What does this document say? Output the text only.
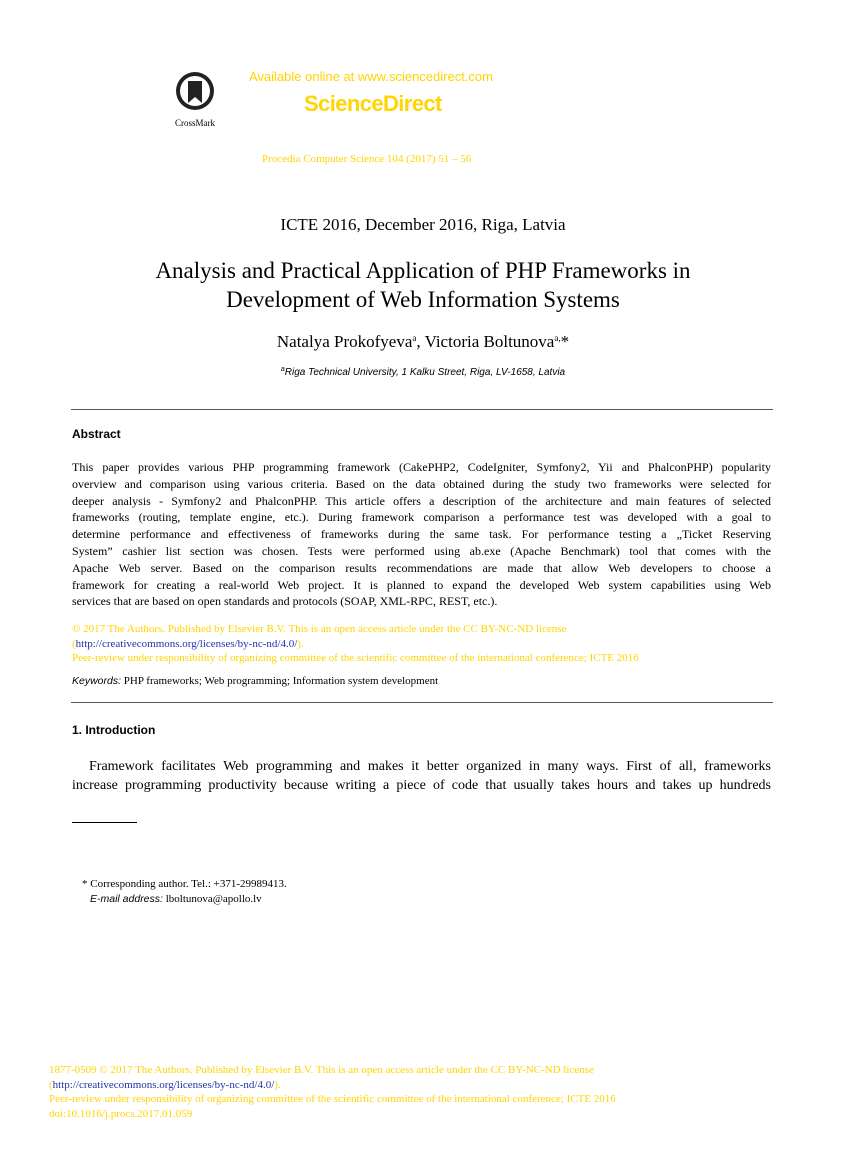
CrossMark
Available online at www.sciencedirect.com
ScienceDirect
Procedia Computer Science 104 (2017) 51 – 56
ICTE 2016, December 2016, Riga, Latvia
Analysis and Practical Application of PHP Frameworks in
Development of Web Information Systems
Natalya Prokofyeva$^a$, Victoria Boltunova$^{a,}$*
$^a$Riga Technical University, 1 Kalku Street, Riga, LV-1658, Latvia
Abstract
This paper provides various PHP programming framework (CakePHP2, CodeIgniter, Symfony2, Yii and PhalconPHP) popularity
overview and comparison using various criteria. Based on the data obtained during the study two frameworks were selected for
deeper analysis - Symfony2 and PhalconPHP. This article offers a description of the architecture and main features of selected
frameworks (routing, template engine, etc.). During framework comparison a performance test was developed with a goal to
determine performance and effectiveness of frameworks during the same task. For performance testing a „Ticket Reserving
System” cashier list section was chosen. Tests were performed using ab.exe (Apache Benchmark) tool that comes with the
Apache Web server. Based on the comparison results recommendations are made that allow Web developers to choose a
framework for creating a real-world Web project. It is planned to expand the developed Web system capabilities using Web
services that are based on open standards and protocols (SOAP, XML-RPC, REST, etc.).
© 2017 The Authors. Published by Elsevier B.V. This is an open access article under the CC BY-NC-ND license
(http://creativecommons.org/licenses/by-nc-nd/4.0/).
Peer-review under responsibility of organizing committee of the scientific committee of the international conference; ICTE 2016
Keywords: PHP frameworks; Web programming; Information system development
1. Introduction
Framework facilitates Web programming and makes it better organized in many ways. First of all, frameworks
increase programming productivity because writing a piece of code that usually takes hours and takes up hundreds
* Corresponding author. Tel.: +371-29989413.
E-mail address: lboltunova@apollo.lv
1877-0509 © 2017 The Authors. Published by Elsevier B.V. This is an open access article under the CC BY-NC-ND license
(http://creativecommons.org/licenses/by-nc-nd/4.0/).
Peer-review under responsibility of organizing committee of the scientific committee of the international conference; ICTE 2016
doi:10.1016/j.procs.2017.01.059
